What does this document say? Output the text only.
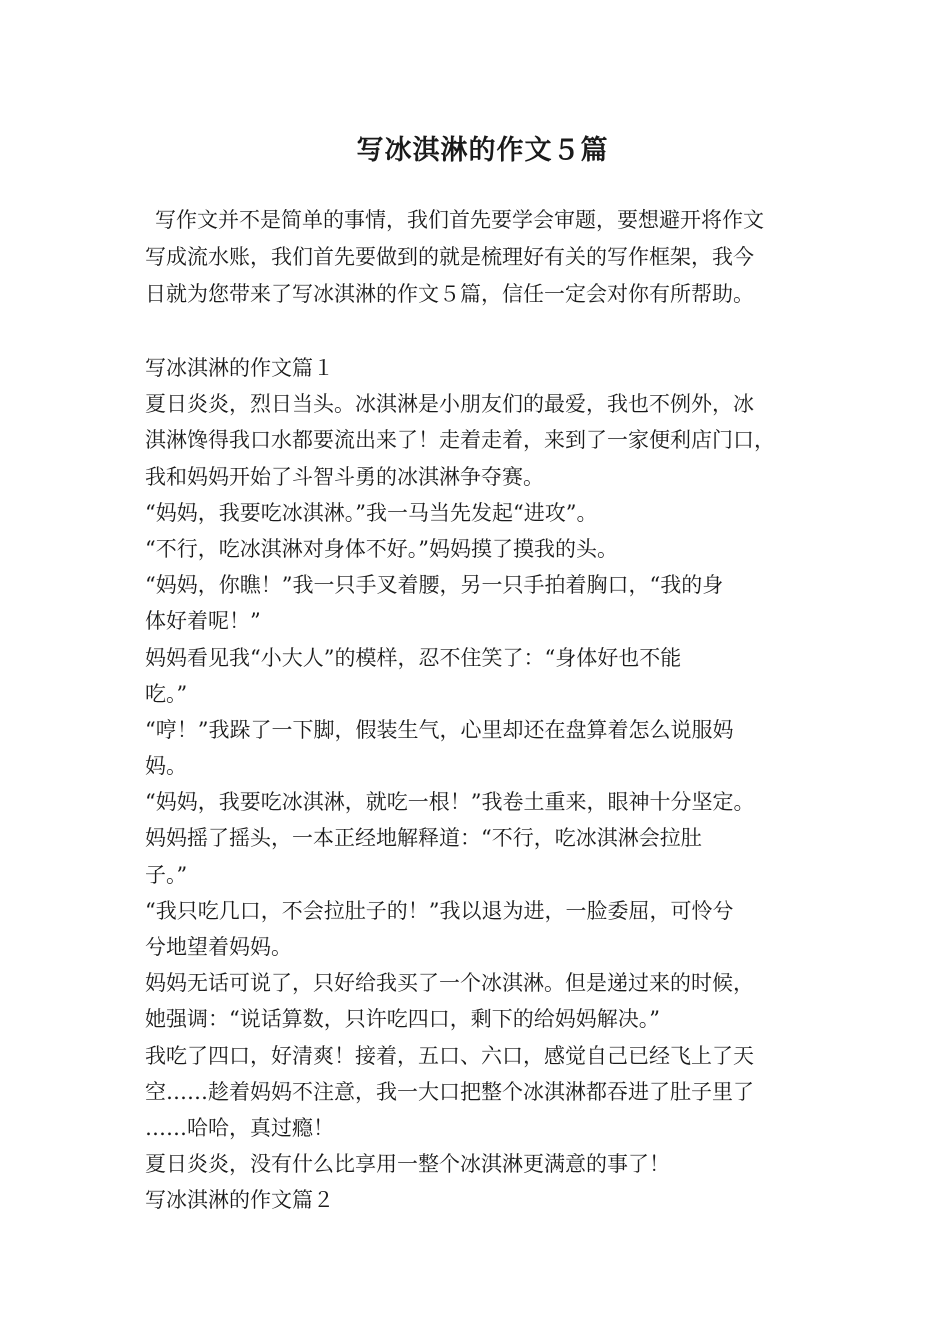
写冰淇淋的作文５篇
写作文并不是简单的事情，我们首先要学会审题，要想避开将作文
写成流水账，我们首先要做到的就是梳理好有关的写作框架，我今
日就为您带来了写冰淇淋的作文５篇，信任一定会对你有所帮助。
写冰淇淋的作文篇１
夏日炎炎，烈日当头。冰淇淋是小朋友们的最爱，我也不例外，冰
淇淋馋得我口水都要流出来了！走着走着，来到了一家便利店门口，
我和妈妈开始了斗智斗勇的冰淇淋争夺赛。
“妈妈，我要吃冰淇淋。”我一马当先发起“进攻”。
“不行，吃冰淇淋对身体不好。”妈妈摸了摸我的头。
“妈妈，你瞧！”我一只手叉着腰，另一只手拍着胸口，“我的身
体好着呢！”
妈妈看见我“小大人”的模样，忍不住笑了：“身体好也不能
吃。”
“哼！”我跺了一下脚，假装生气，心里却还在盘算着怎么说服妈
妈。
“妈妈，我要吃冰淇淋，就吃一根！”我卷土重来，眼神十分坚定。
妈妈摇了摇头，一本正经地解释道：“不行，吃冰淇淋会拉肚
子。”
“我只吃几口，不会拉肚子的！”我以退为进，一脸委屈，可怜兮
兮地望着妈妈。
妈妈无话可说了，只好给我买了一个冰淇淋。但是递过来的时候，
她强调：“说话算数，只许吃四口，剩下的给妈妈解决。”
我吃了四口，好清爽！接着，五口、六口，感觉自己已经飞上了天
空……趁着妈妈不注意，我一大口把整个冰淇淋都吞进了肚子里了
……哈哈，真过瘾！
夏日炎炎，没有什么比享用一整个冰淇淋更满意的事了！
写冰淇淋的作文篇２
